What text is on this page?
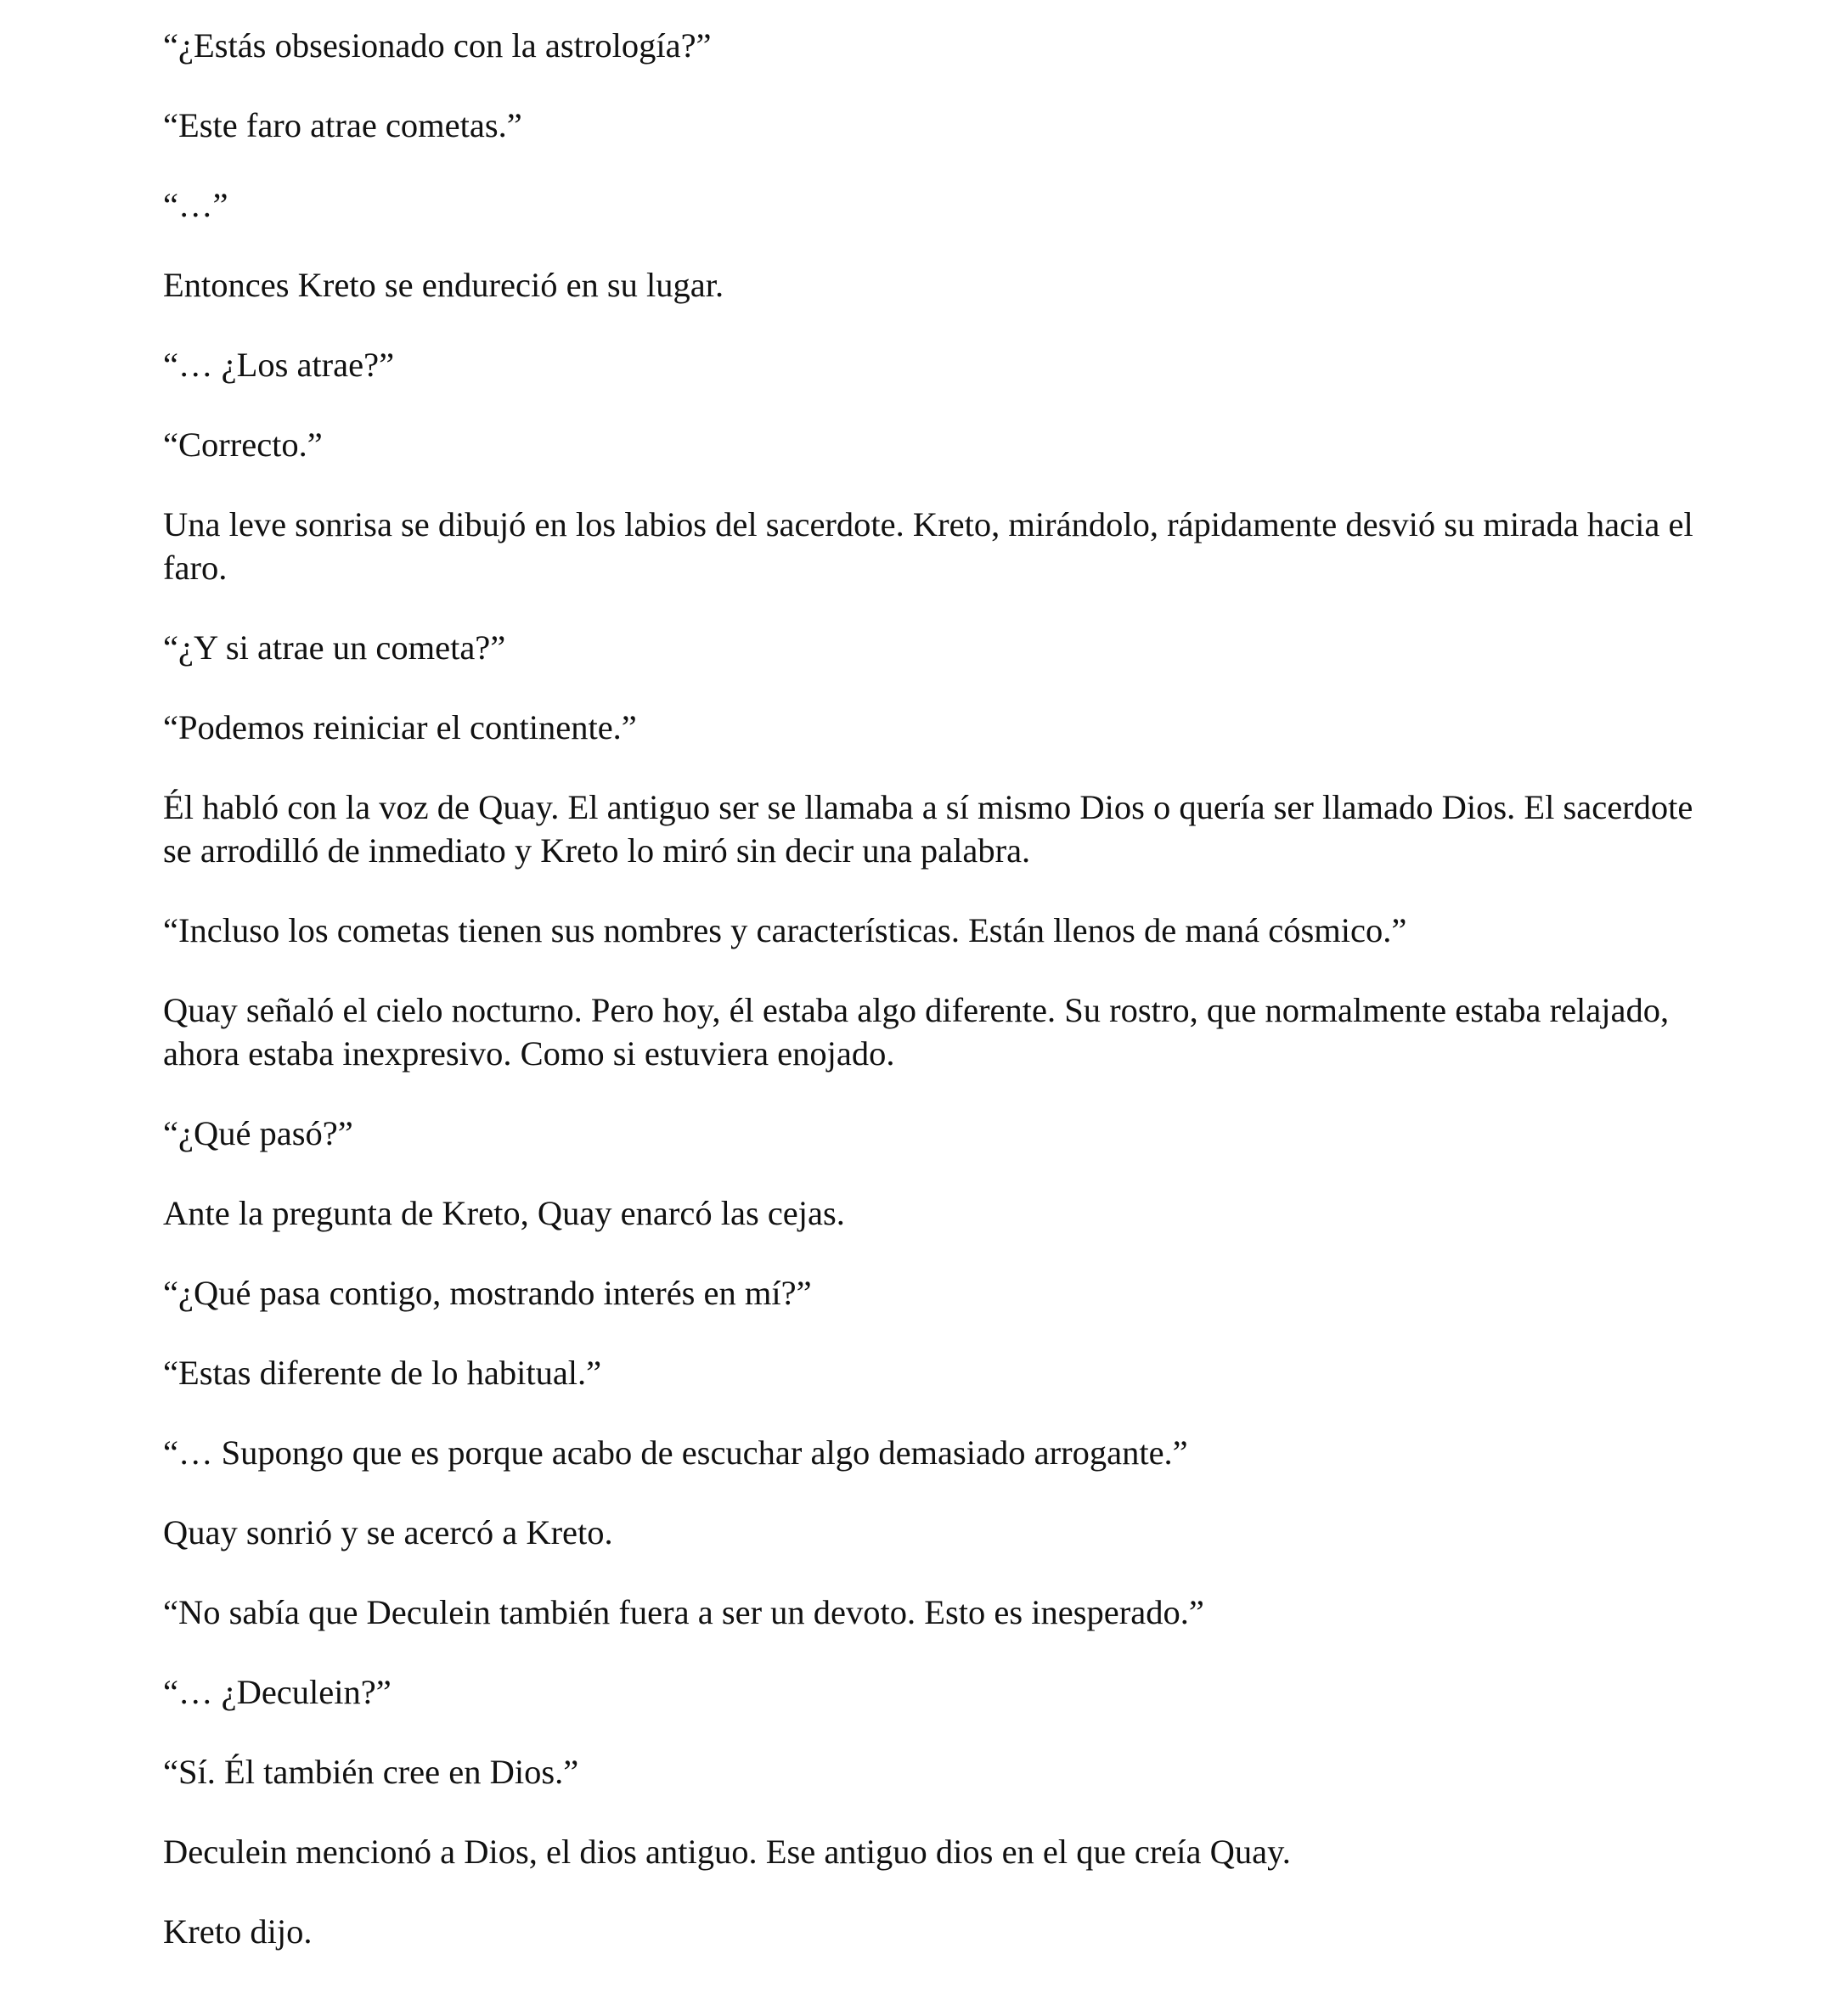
“¿Estás obsesionado con la astrología?”

“Este faro atrae cometas.”

“…”

Entonces Kreto se endureció en su lugar.

“… ¿Los atrae?”

“Correcto.”

Una leve sonrisa se dibujó en los labios del sacerdote. Kreto, mirándolo, rápidamente desvió su mirada hacia el faro.

“¿Y si atrae un cometa?”

“Podemos reiniciar el continente.”

Él habló con la voz de Quay. El antiguo ser se llamaba a sí mismo Dios o quería ser llamado Dios. El sacerdote se arrodilló de inmediato y Kreto lo miró sin decir una palabra.

“Incluso los cometas tienen sus nombres y características. Están llenos de maná cósmico.”

Quay señaló el cielo nocturno. Pero hoy, él estaba algo diferente. Su rostro, que normalmente estaba relajado, ahora estaba inexpresivo. Como si estuviera enojado.

“¿Qué pasó?”

Ante la pregunta de Kreto, Quay enarcó las cejas.

“¿Qué pasa contigo, mostrando interés en mí?”

“Estas diferente de lo habitual.”

“… Supongo que es porque acabo de escuchar algo demasiado arrogante.”

Quay sonrió y se acercó a Kreto.

“No sabía que Deculein también fuera a ser un devoto. Esto es inesperado.”

“… ¿Deculein?”

“Sí. Él también cree en Dios.”

Deculein mencionó a Dios, el dios antiguo. Ese antiguo dios en el que creía Quay.

Kreto dijo.
